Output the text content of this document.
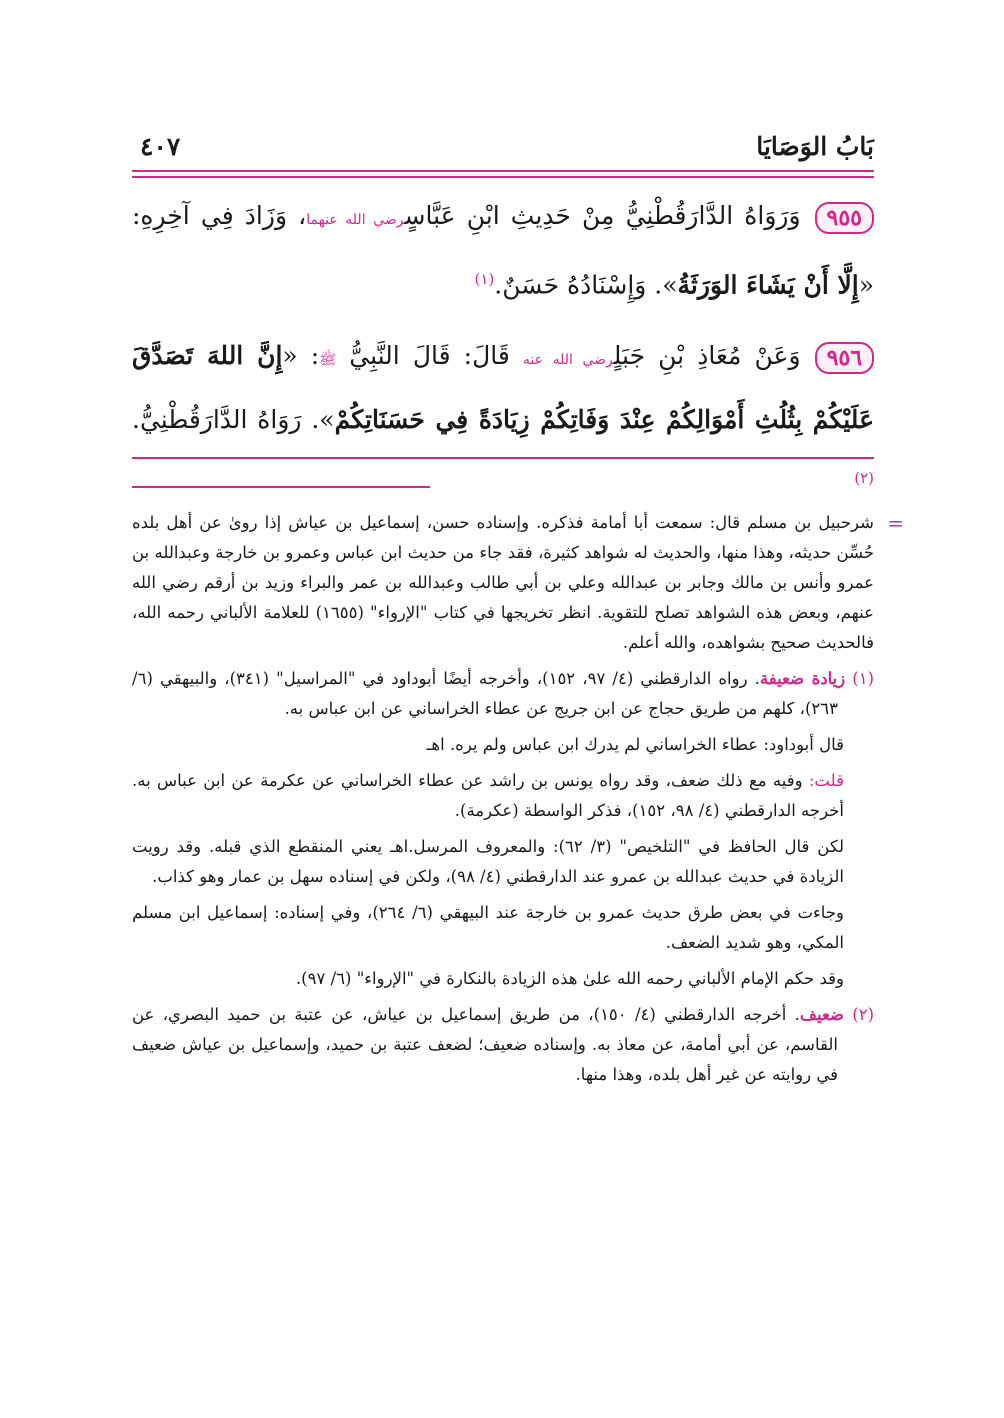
بَابُ الوَصَايَا
٤٠٧

٩٥٥وَرَوَاهُ الدَّارَقُطْنِيُّ مِنْ حَدِيثِ ابْنِ عَبَّاسٍرضي الله عنهما، وَزَادَ فِي آخِرِهِ: «إِلَّا أَنْ يَشَاءَ الوَرَثَةُ». وَإِسْنَادُهُ حَسَنٌ.$^{(١)}$

٩٥٦وَعَنْ مُعَاذِ بْنِ جَبَلٍرضي الله عنه قَالَ: قَالَ النَّبِيُّ ﷺ: «إِنَّ اللهَ تَصَدَّقَ عَلَيْكُمْ بِثُلُثِ أَمْوَالِكُمْ عِنْدَ وَفَاتِكُمْ زِيَادَةً فِي حَسَنَاتِكُمْ». رَوَاهُ الدَّارَقُطْنِيُّ.$^{(٢)}$

=
شرحبيل بن مسلم قال: سمعت أبا أمامة فذكره. وإسناده حسن، إسماعيل بن عياش إذا روىٰ عن أهل بلده حُسِّن حديثه، وهذا منها، والحديث له شواهد كثيرة، فقد جاء من حديث ابن عباس وعمرو بن خارجة وعبدالله بن عمرو وأنس بن مالك وجابر بن عبدالله وعلي بن أبي طالب وعبدالله بن عمر والبراء وزيد بن أرقم رضي الله عنهم، وبعض هذه الشواهد تصلح للتقوية. انظر تخريجها في كتاب "الإرواء" (١٦٥٥) للعلامة الألباني رحمه الله، فالحديث صحيح بشواهده، والله أعلم.

(١) زيادة ضعيفة. رواه الدارقطني (٤/ ٩٧، ١٥٢)، وأخرجه أيضًا أبوداود في "المراسيل" (٣٤١)، والبيهقي (٦/ ٢٦٣)، كلهم من طريق حجاج عن ابن جريج عن عطاء الخراساني عن ابن عباس به.

قال أبوداود: عطاء الخراساني لم يدرك ابن عباس ولم يره. اهـ

قلت: وفيه مع ذلك ضعف، وقد رواه يونس بن راشد عن عطاء الخراساني عن عكرمة عن ابن عباس به. أخرجه الدارقطني (٤/ ٩٨، ١٥٢)، فذكر الواسطة (عكرمة).

لكن قال الحافظ في "التلخيص" (٣/ ٦٢): والمعروف المرسل.اهـ يعني المنقطع الذي قبله. وقد رويت الزيادة في حديث عبدالله بن عمرو عند الدارقطني (٤/ ٩٨)، ولكن في إسناده سهل بن عمار وهو كذاب.

وجاءت في بعض طرق حديث عمرو بن خارجة عند البيهقي (٦/ ٢٦٤)، وفي إسناده: إسماعيل ابن مسلم المكي، وهو شديد الضعف.

وقد حكم الإمام الألباني رحمه الله علىٰ هذه الزيادة بالنكارة في "الإرواء" (٦/ ٩٧).

(٢) ضعيف. أخرجه الدارقطني (٤/ ١٥٠)، من طريق إسماعيل بن عياش، عن عتبة بن حميد البصري، عن القاسم، عن أبي أمامة، عن معاذ به. وإسناده ضعيف؛ لضعف عتبة بن حميد، وإسماعيل بن عياش ضعيف في روايته عن غير أهل بلده، وهذا منها.
